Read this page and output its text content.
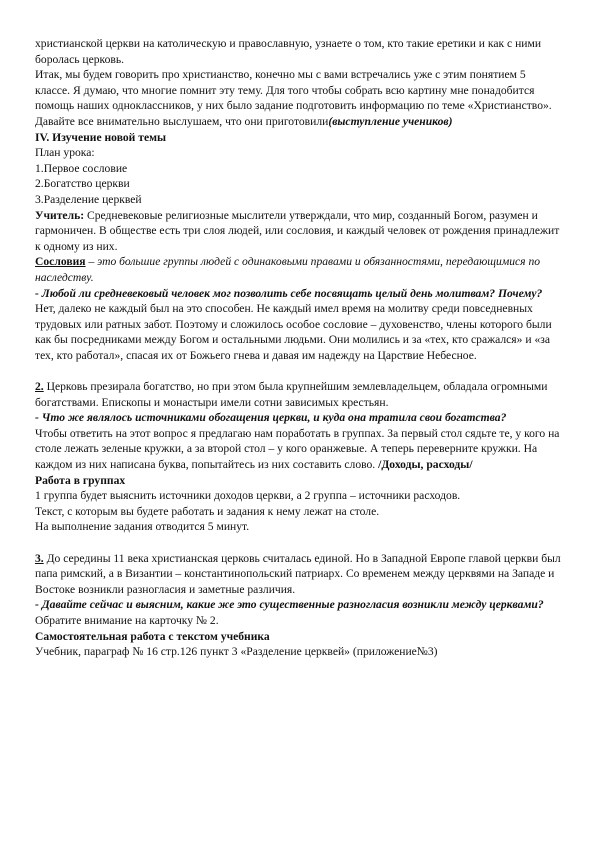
христианской церкви на католическую и православную, узнаете о том, кто такие еретики и как с ними боролась церковь.

Итак, мы будем говорить про христианство, конечно мы с вами встречались уже с этим понятием 5 классе. Я думаю, что многие помнит эту тему. Для того чтобы собрать всю картину мне понадобится помощь наших одноклассников, у них было задание подготовить информацию по теме «Христианство». Давайте все внимательно выслушаем, что они приготовили(выступление учеников)

IV. Изучение новой темы

План урока:

1.Первое сословие

2.Богатство церкви

3.Разделение церквей

Учитель: Средневековые религиозные мыслители утверждали, что мир, созданный Богом, разумен и гармоничен. В обществе есть три слоя людей, или сословия, и каждый человек от рождения принадлежит к одному из них.

Сословия – это большие группы людей с одинаковыми правами и обязанностями, передающимися по наследству.

- Любой ли средневековый человек мог позволить себе посвящать целый день молитвам? Почему?

Нет, далеко не каждый был на это способен. Не каждый имел время на молитву среди повседневных трудовых или ратных забот. Поэтому и сложилось особое сословие – духовенство, члены которого были как бы посредниками между Богом и остальными людьми. Они молились и за «тех, кто сражался» и «за тех, кто работал», спасая их от Божьего гнева и давая им надежду на Царствие Небесное.

2. Церковь презирала богатство, но при этом была крупнейшим землевладельцем, обладала огромными богатствами. Епископы и монастыри имели сотни зависимых крестьян.

- Что же являлось источниками обогащения церкви, и куда она тратила свои богатства?

Чтобы ответить на этот вопрос я предлагаю нам поработать в группах. За первый стол сядьте те, у кого на столе лежать зеленые кружки, а за второй стол – у кого оранжевые. А теперь переверните кружки. На каждом из них написана буква, попытайтесь из них составить слово. /Доходы, расходы/

Работа в группах

1 группа будет выяснить источники доходов церкви, а 2 группа – источники расходов.

Текст, с которым вы будете работать и задания к нему лежат на столе.

На выполнение задания отводится 5 минут.

3. До середины 11 века христианская церковь считалась единой. Но в Западной Европе главой церкви был папа римский, а в Византии – константинопольский патриарх. Со временем между церквями на Западе и Востоке возникли разногласия и заметные различия.

- Давайте сейчас и выясним, какие же это существенные разногласия возникли между церквами?

Обратите внимание на карточку № 2.

Самостоятельная работа с текстом учебника

Учебник, параграф № 16 стр.126 пункт 3 «Разделение церквей» (приложение№3)
